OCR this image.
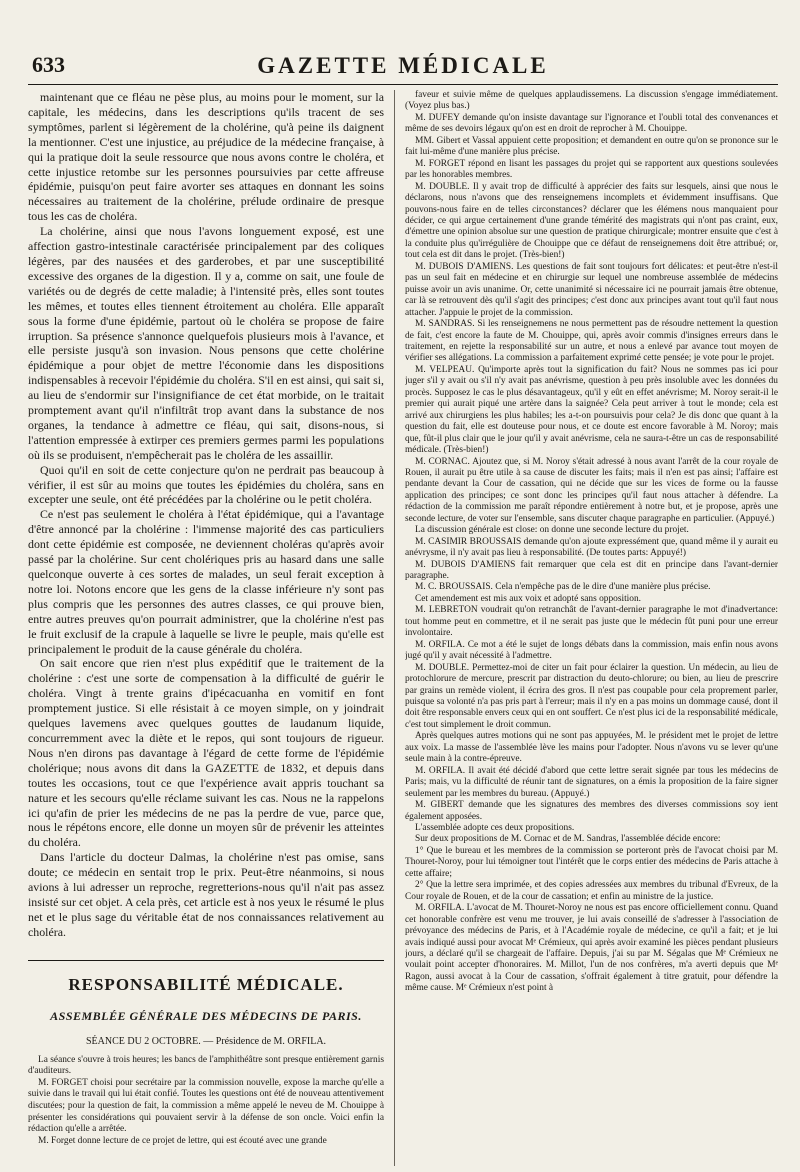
633	GAZETTE MÉDICALE

maintenant que ce fléau ne pèse plus, au moins pour le moment, sur la capitale, les médecins, dans les descriptions qu'ils tracent de ses symptômes, parlent si légèrement de la cholérine, qu'à peine ils daignent la mentionner. C'est une injustice, au préjudice de la médecine française, à qui la pratique doit la seule ressource que nous avons contre le choléra, et cette injustice retombe sur les personnes poursuivies par cette affreuse épidémie, puisqu'on peut faire avorter ses attaques en donnant les soins nécessaires au traitement de la cholérine, prélude ordinaire de presque tous les cas de choléra.

La cholérine, ainsi que nous l'avons longuement exposé, est une affection gastro-intestinale caractérisée principalement par des coliques légères, par des nausées et des garderobes, et par une susceptibilité excessive des organes de la digestion. Il y a, comme on sait, une foule de variétés ou de degrés de cette maladie; à l'intensité près, elles sont toutes les mêmes, et toutes elles tiennent étroitement au choléra. Elle apparaît sous la forme d'une épidémie, partout où le choléra se propose de faire irruption. Sa présence s'annonce quelquefois plusieurs mois à l'avance, et elle persiste jusqu'à son invasion. Nous pensons que cette cholérine épidémique a pour objet de mettre l'économie dans les dispositions indispensables à recevoir l'épidémie du choléra. S'il en est ainsi, qui sait si, au lieu de s'endormir sur l'insignifiance de cet état morbide, on le traitait promptement avant qu'il n'infiltrât trop avant dans la substance de nos organes, la tendance à admettre ce fléau, qui sait, disons-nous, si l'attention empressée à extirper ces premiers germes parmi les populations où ils se produisent, n'empêcherait pas le choléra de les assaillir.

Quoi qu'il en soit de cette conjecture qu'on ne perdrait pas beaucoup à vérifier, il est sûr au moins que toutes les épidémies du choléra, sans en excepter une seule, ont été précédées par la cholérine ou le petit choléra.

Ce n'est pas seulement le choléra à l'état épidémique, qui a l'avantage d'être annoncé par la cholérine : l'immense majorité des cas particuliers dont cette épidémie est composée, ne deviennent choléras qu'après avoir passé par la cholérine. Sur cent cholériques pris au hasard dans une salle quelconque ouverte à ces sortes de malades, un seul ferait exception à notre loi. Notons encore que les gens de la classe inférieure n'y sont pas plus compris que les personnes des autres classes, ce qui prouve bien, entre autres preuves qu'on pourrait administrer, que la cholérine n'est pas le fruit exclusif de la crapule à laquelle se livre le peuple, mais qu'elle est principalement le produit de la cause générale du choléra.

On sait encore que rien n'est plus expéditif que le traitement de la cholérine : c'est une sorte de compensation à la difficulté de guérir le choléra. Vingt à trente grains d'ipécacuanha en vomitif en font promptement justice. Si elle résistait à ce moyen simple, on y joindrait quelques lavemens avec quelques gouttes de laudanum liquide, concurremment avec la diète et le repos, qui sont toujours de rigueur. Nous n'en dirons pas davantage à l'égard de cette forme de l'épidémie cholérique; nous avons dit dans la GAZETTE de 1832, et depuis dans toutes les occasions, tout ce que l'expérience avait appris touchant sa nature et les secours qu'elle réclame suivant les cas. Nous ne la rappelons ici qu'afin de prier les médecins de ne pas la perdre de vue, parce que, nous le répétons encore, elle donne un moyen sûr de prévenir les atteintes du choléra.

Dans l'article du docteur Dalmas, la cholérine n'est pas omise, sans doute; ce médecin en sentait trop le prix. Peut-être néanmoins, si nous avions à lui adresser un reproche, regretterions-nous qu'il n'ait pas assez insisté sur cet objet. A cela près, cet article est à nos yeux le résumé le plus net et le plus sage du véritable état de nos connaissances relativement au choléra.

RESPONSABILITÉ MÉDICALE.
ASSEMBLÉE GÉNÉRALE DES MÉDECINS DE PARIS.
SÉANCE DU 2 OCTOBRE. — Présidence de M. ORFILA.

La séance s'ouvre à trois heures; les bancs de l'amphithéâtre sont presque entièrement garnis d'auditeurs.

M. FORGET choisi pour secrétaire par la commission nouvelle, expose la marche qu'elle a suivie dans le travail qui lui était confié. Toutes les questions ont été de nouveau attentivement discutées; pour la question de fait, la commission a même appelé le neveu de M. Chouippe à présenter les considérations qui pouvaient servir à la défense de son oncle. Voici enfin la rédaction qu'elle a arrêtée.

M. Forget donne lecture de ce projet de lettre, qui est écouté avec une grande

faveur et suivie même de quelques applaudissemens. La discussion s'engage immédiatement. (Voyez plus bas.)

M. DUFEY demande qu'on insiste davantage sur l'ignorance et l'oubli total des convenances et même de ses devoirs légaux qu'on est en droit de reprocher à M. Chouippe.

MM. Gibert et Vassal appuient cette proposition; et demandent en outre qu'on se prononce sur le fait lui-même d'une manière plus précise.

M. FORGET répond en lisant les passages du projet qui se rapportent aux questions soulevées par les honorables membres.

M. DOUBLE. Il y avait trop de difficulté à apprécier des faits sur lesquels, ainsi que nous le déclarons, nous n'avons que des renseignemens incomplets et évidemment insuffisans. Que pouvons-nous faire en de telles circonstances? déclarer que les élémens nous manquaient pour décider, ce qui argue certainement d'une grande témérité des magistrats qui n'ont pas craint, eux, d'émettre une opinion absolue sur une question de pratique chirurgicale; montrer ensuite que c'est à la conduite plus qu'irrégulière de Chouippe que ce défaut de renseignemens doit être attribué; or, tout cela est dit dans le projet. (Très-bien!)

M. DUBOIS D'AMIENS. Les questions de fait sont toujours fort délicates: et peut-être n'est-il pas un seul fait en médecine et en chirurgie sur lequel une nombreuse assemblée de médecins puisse avoir un avis unanime. Or, cette unanimité si nécessaire ici ne pourrait jamais être obtenue, car là se retrouvent dès qu'il s'agit des principes; c'est donc aux principes avant tout qu'il faut nous attacher. J'appuie le projet de la commission.

M. SANDRAS. Si les renseignemens ne nous permettent pas de résoudre nettement la question de fait, c'est encore la faute de M. Chouippe, qui, après avoir commis d'insignes erreurs dans le traitement, en rejette la responsabilité sur un autre, et nous a enlevé par avance tout moyen de vérifier ses allégations. La commission a parfaitement exprimé cette pensée; je vote pour le projet.

M. VELPEAU. Qu'importe après tout la signification du fait? Nous ne sommes pas ici pour juger s'il y avait ou s'il n'y avait pas anévrisme, question à peu près insoluble avec les données du procès. Supposez le cas le plus désavantageux, qu'il y eût en effet anévrisme; M. Noroy serait-il le premier qui aurait piqué une artère dans la saignée? Cela peut arriver à tout le monde; cela est arrivé aux chirurgiens les plus habiles; les a-t-on poursuivis pour cela? Je dis donc que quant à la question du fait, elle est douteuse pour nous, et ce doute est encore favorable à M. Noroy; mais que, fût-il plus clair que le jour qu'il y avait anévrisme, cela ne saura-t-être un cas de responsabilité médicale. (Très-bien!)

M. CORNAC. Ajoutez que, si M. Noroy s'était adressé à nous avant l'arrêt de la cour royale de Rouen, il aurait pu être utile à sa cause de discuter les faits; mais il n'en est pas ainsi; l'affaire est pendante devant la Cour de cassation, qui ne décide que sur les vices de forme ou la fausse application des principes; ce sont donc les principes qu'il faut nous attacher à défendre. La rédaction de la commission me paraît répondre entièrement à notre but, et je propose, après une seconde lecture, de voter sur l'ensemble, sans discuter chaque paragraphe en particulier. (Appuyé.)

La discussion générale est close: on donne une seconde lecture du projet.

M. CASIMIR BROUSSAIS demande qu'on ajoute expressément que, quand même il y aurait eu anévrysme, il n'y avait pas lieu à responsabilité. (De toutes parts: Appuyé!)

M. DUBOIS D'AMIENS fait remarquer que cela est dit en principe dans l'avant-dernier paragraphe.

M. C. BROUSSAIS. Cela n'empêche pas de le dire d'une manière plus précise.

Cet amendement est mis aux voix et adopté sans opposition.

M. LEBRETON voudrait qu'on retranchât de l'avant-dernier paragraphe le mot d'inadvertance: tout homme peut en commettre, et il ne serait pas juste que le médecin fût puni pour une erreur involontaire.

M. ORFILA. Ce mot a été le sujet de longs débats dans la commission, mais enfin nous avons jugé qu'il y avait nécessité à l'admettre.

M. DOUBLE. Permettez-moi de citer un fait pour éclairer la question. Un médecin, au lieu de protochlorure de mercure, prescrit par distraction du deuto-chlorure; ou bien, au lieu de prescrire par grains un remède violent, il écrira des gros. Il n'est pas coupable pour cela proprement parler, puisque sa volonté n'a pas pris part à l'erreur; mais il n'y en a pas moins un dommage causé, dont il doit être responsable envers ceux qui en ont souffert. Ce n'est plus ici de la responsabilité médicale, c'est tout simplement le droit commun.

Après quelques autres motions qui ne sont pas appuyées, M. le président met le projet de lettre aux voix. La masse de l'assemblée lève les mains pour l'adopter. Nous n'avons vu se lever qu'une seule main à la contre-épreuve.

M. ORFILA. Il avait été décidé d'abord que cette lettre serait signée par tous les médecins de Paris; mais, vu la difficulté de réunir tant de signatures, on a émis la proposition de la faire signer seulement par les membres du bureau. (Appuyé.)

M. GIBERT demande que les signatures des membres des diverses commissions soy ient également apposées.

L'assemblée adopte ces deux propositions.

Sur deux propositions de M. Cornac et de M. Sandras, l'assemblée décide encore:

1° Que le bureau et les membres de la commission se porteront près de l'avocat choisi par M. Thouret-Noroy, pour lui témoigner tout l'intérêt que le corps entier des médecins de Paris attache à cette affaire;

2° Que la lettre sera imprimée, et des copies adressées aux membres du tribunal d'Evreux, de la Cour royale de Rouen, et de la cour de cassation; et enfin au ministre de la justice.

M. ORFILA. L'avocat de M. Thouret-Noroy ne nous est pas encore officiellement connu. Quand cet honorable confrère est venu me trouver, je lui avais conseillé de s'adresser à l'association de prévoyance des médecins de Paris, et à l'Académie royale de médecine, ce qu'il a fait; et je lui avais indiqué aussi pour avocat Mᵉ Crémieux, qui après avoir examiné les pièces pendant plusieurs jours, a déclaré qu'il se chargeait de l'affaire. Depuis, j'ai su par M. Ségalas que Mᵉ Crémieux ne voulait point accepter d'honoraires. M. Millot, l'un de nos confrères, m'a averti depuis que Mᵉ Ragon, aussi avocat à la Cour de cassation, s'offrait également à titre gratuit, pour défendre la même cause. Mᵉ Crémieux n'est point à
